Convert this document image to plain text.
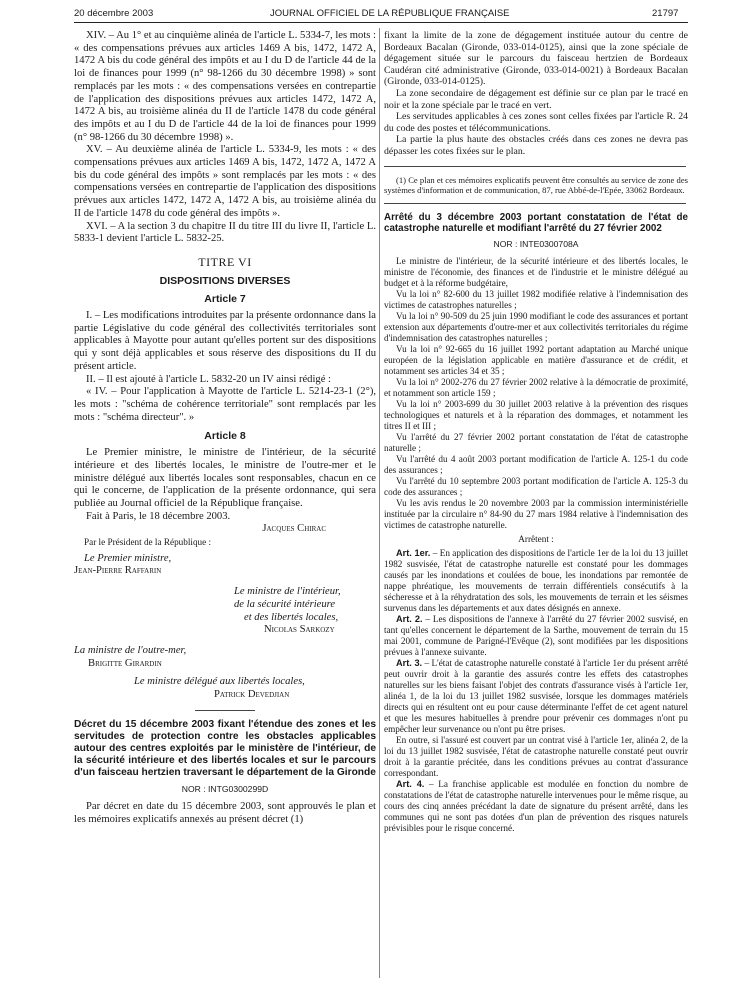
20 décembre 2003	JOURNAL OFFICIEL DE LA RÉPUBLIQUE FRANÇAISE	21797

XIV. – Au 1° et au cinquième alinéa de l'article L. 5334-7, les mots : « des compensations prévues aux articles 1469 A bis, 1472, 1472 A, 1472 A bis du code général des impôts et au I du D de l'article 44 de la loi de finances pour 1999 (n° 98-1266 du 30 décembre 1998) » sont remplacés par les mots : « des compensations versées en contrepartie de l'application des dispositions prévues aux articles 1472, 1472 A, 1472 A bis, au troisième alinéa du II de l'article 1478 du code général des impôts et au I du D de l'article 44 de la loi de finances pour 1999 (n° 98-1266 du 30 décembre 1998) ».

XV. – Au deuxième alinéa de l'article L. 5334-9, les mots : « des compensations prévues aux articles 1469 A bis, 1472, 1472 A, 1472 A bis du code général des impôts » sont remplacés par les mots : « des compensations versées en contrepartie de l'application des dispositions prévues aux articles 1472, 1472 A, 1472 A bis, au troisième alinéa du II de l'article 1478 du code général des impôts ».

XVI. – A la section 3 du chapitre II du titre III du livre II, l'article L. 5833-1 devient l'article L. 5832-25.

TITRE VI
DISPOSITIONS DIVERSES
Article 7

I. – Les modifications introduites par la présente ordonnance dans la partie Législative du code général des collectivités territoriales sont applicables à Mayotte pour autant qu'elles portent sur des dispositions qui y sont déjà applicables et sous réserve des dispositions du II du présent article.

II. – Il est ajouté à l'article L. 5832-20 un IV ainsi rédigé :

« IV. – Pour l'application à Mayotte de l'article L. 5214-23-1 (2°), les mots : "schéma de cohérence territoriale" sont remplacés par les mots : "schéma directeur". »

Article 8

Le Premier ministre, le ministre de l'intérieur, de la sécurité intérieure et des libertés locales, le ministre de l'outre-mer et le ministre délégué aux libertés locales sont responsables, chacun en ce qui le concerne, de l'application de la présente ordonnance, qui sera publiée au Journal officiel de la République française.

Fait à Paris, le 18 décembre 2003.

Jacques Chirac

Par le Président de la République :

Le Premier ministre,

Jean-Pierre Raffarin

Le ministre de l'intérieur,

de la sécurité intérieure

et des libertés locales,

Nicolas Sarkozy

La ministre de l'outre-mer,

Brigitte Girardin

Le ministre délégué aux libertés locales,

Patrick Devedjian

Décret du 15 décembre 2003 fixant l'étendue des zones et les servitudes de protection contre les obstacles applicables autour des centres exploités par le ministère de l'intérieur, de la sécurité intérieure et des libertés locales et sur le parcours d'un faisceau hertzien traversant le département de la Gironde

NOR : INTG0300299D

Par décret en date du 15 décembre 2003, sont approuvés le plan et les mémoires explicatifs annexés au présent décret (1)

fixant la limite de la zone de dégagement instituée autour du centre de Bordeaux Bacalan (Gironde, 033-014-0125), ainsi que la zone spéciale de dégagement située sur le parcours du faisceau hertzien de Bordeaux Caudéran cité administrative (Gironde, 033-014-0021) à Bordeaux Bacalan (Gironde, 033-014-0125).

La zone secondaire de dégagement est définie sur ce plan par le tracé en noir et la zone spéciale par le tracé en vert.

Les servitudes applicables à ces zones sont celles fixées par l'article R. 24 du code des postes et télécommunications.

La partie la plus haute des obstacles créés dans ces zones ne devra pas dépasser les cotes fixées sur le plan.

(1) Ce plan et ces mémoires explicatifs peuvent être consultés au service de zone des systèmes d'information et de communication, 87, rue Abbé-de-l'Epée, 33062 Bordeaux.

Arrêté du 3 décembre 2003 portant constatation de l'état de catastrophe naturelle et modifiant l'arrêté du 27 février 2002

NOR : INTE0300708A

Le ministre de l'intérieur, de la sécurité intérieure et des libertés locales, le ministre de l'économie, des finances et de l'industrie et le ministre délégué au budget et à la réforme budgétaire,

Vu la loi n° 82-600 du 13 juillet 1982 modifiée relative à l'indemnisation des victimes de catastrophes naturelles ;

Vu la loi n° 90-509 du 25 juin 1990 modifiant le code des assurances et portant extension aux départements d'outre-mer et aux collectivités territoriales du régime d'indemnisation des catastrophes naturelles ;

Vu la loi n° 92-665 du 16 juillet 1992 portant adaptation au Marché unique européen de la législation applicable en matière d'assurance et de crédit, et notamment ses articles 34 et 35 ;

Vu la loi n° 2002-276 du 27 février 2002 relative à la démocratie de proximité, et notamment son article 159 ;

Vu la loi n° 2003-699 du 30 juillet 2003 relative à la prévention des risques technologiques et naturels et à la réparation des dommages, et notamment les titres II et III ;

Vu l'arrêté du 27 février 2002 portant constatation de l'état de catastrophe naturelle ;

Vu l'arrêté du 4 août 2003 portant modification de l'article A. 125-1 du code des assurances ;

Vu l'arrêté du 10 septembre 2003 portant modification de l'article A. 125-3 du code des assurances ;

Vu les avis rendus le 20 novembre 2003 par la commission interministérielle instituée par la circulaire n° 84-90 du 27 mars 1984 relative à l'indemnisation des victimes de catastrophe naturelle.

Arrêtent :

Art. 1er. – En application des dispositions de l'article 1er de la loi du 13 juillet 1982 susvisée, l'état de catastrophe naturelle est constaté pour les dommages causés par les inondations et coulées de boue, les inondations par remontée de nappe phréatique, les mouvements de terrain différentiels consécutifs à la sécheresse et à la réhydratation des sols, les mouvements de terrain et les séismes survenus dans les départements et aux dates désignés en annexe.

Art. 2. – Les dispositions de l'annexe à l'arrêté du 27 février 2002 susvisé, en tant qu'elles concernent le département de la Sarthe, mouvement de terrain du 15 mai 2001, commune de Parigné-l'Evêque (2), sont modifiées par les dispositions prévues à l'annexe suivante.

Art. 3. – L'état de catastrophe naturelle constaté à l'article 1er du présent arrêté peut ouvrir droit à la garantie des assurés contre les effets des catastrophes naturelles sur les biens faisant l'objet des contrats d'assurance visés à l'article 1er, alinéa 1, de la loi du 13 juillet 1982 susvisée, lorsque les dommages matériels directs qui en résultent ont eu pour cause déterminante l'effet de cet agent naturel et que les mesures habituelles à prendre pour prévenir ces dommages n'ont pu empêcher leur survenance ou n'ont pu être prises.

En outre, si l'assuré est couvert par un contrat visé à l'article 1er, alinéa 2, de la loi du 13 juillet 1982 susvisée, l'état de catastrophe naturelle constaté peut ouvrir droit à la garantie précitée, dans les conditions prévues au contrat d'assurance correspondant.

Art. 4. – La franchise applicable est modulée en fonction du nombre de constatations de l'état de catastrophe naturelle intervenues pour le même risque, au cours des cinq années précédant la date de signature du présent arrêté, dans les communes qui ne sont pas dotées d'un plan de prévention des risques naturels prévisibles pour le risque concerné.
